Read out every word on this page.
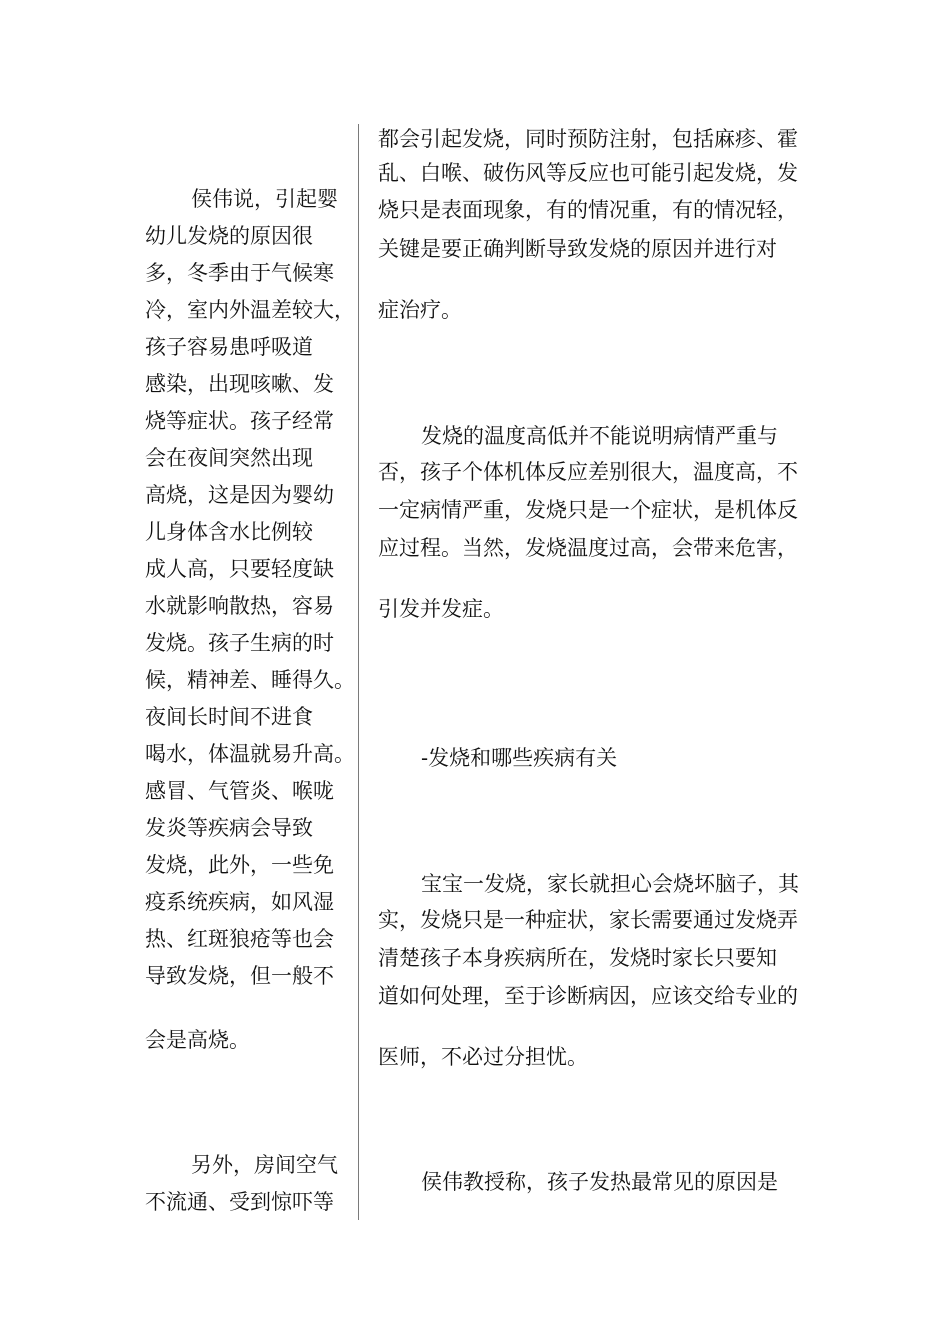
侯伟说，引起婴
幼儿发烧的原因很
多，冬季由于气候寒
冷，室内外温差较大，
孩子容易患呼吸道
感染，出现咳嗽、发
烧等症状。孩子经常
会在夜间突然出现
高烧，这是因为婴幼
儿身体含水比例较
成人高，只要轻度缺
水就影响散热，容易
发烧。孩子生病的时
候，精神差、睡得久。
夜间长时间不进食
喝水，体温就易升高。
感冒、气管炎、喉咙
发炎等疾病会导致
发烧，此外，一些免
疫系统疾病，如风湿
热、红斑狼疮等也会
导致发烧，但一般不
会是高烧。
另外，房间空气
不流通、受到惊吓等
都会引起发烧，同时预防注射，包括麻疹、霍
乱、白喉、破伤风等反应也可能引起发烧，发
烧只是表面现象，有的情况重，有的情况轻，
关键是要正确判断导致发烧的原因并进行对
症治疗。
发烧的温度高低并不能说明病情严重与
否，孩子个体机体反应差别很大，温度高，不
一定病情严重，发烧只是一个症状，是机体反
应过程。当然，发烧温度过高，会带来危害，
引发并发症。
-发烧和哪些疾病有关
宝宝一发烧，家长就担心会烧坏脑子，其
实，发烧只是一种症状，家长需要通过发烧弄
清楚孩子本身疾病所在，发烧时家长只要知
道如何处理，至于诊断病因，应该交给专业的
医师，不必过分担忧。
侯伟教授称，孩子发热最常见的原因是
